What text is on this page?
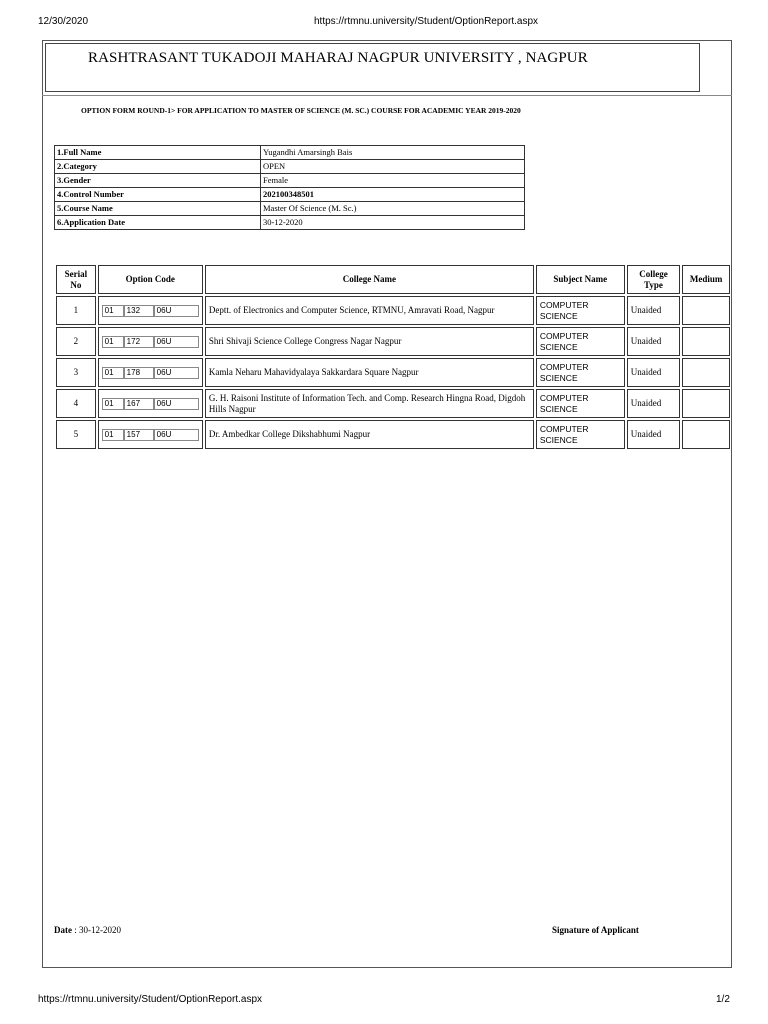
12/30/2020	https://rtmnu.university/Student/OptionReport.aspx
RASHTRASANT TUKADOJI MAHARAJ NAGPUR UNIVERSITY , NAGPUR
OPTION FORM ROUND-1> FOR APPLICATION TO MASTER OF SCIENCE (M. SC.) COURSE FOR ACADEMIC YEAR 2019-2020
1.Full Name	Yugandhi Amarsingh Bais
2.Category	OPEN
3.Gender	Female
4.Control Number	202100348501
5.Course Name	Master Of Science (M. Sc.)
6.Application Date	30-12-2020
Serial No	Option Code	College Name	Subject Name	College Type	Medium
1	01 132 06U	Deptt. of Electronics and Computer Science, RTMNU, Amravati Road, Nagpur	COMPUTER SCIENCE	Unaided	
2	01 172 06U	Shri Shivaji Science College Congress Nagar Nagpur	COMPUTER SCIENCE	Unaided	
3	01 178 06U	Kamla Neharu Mahavidyalaya Sakkardara Square Nagpur	COMPUTER SCIENCE	Unaided	
4	01 167 06U	G. H. Raisoni Institute of Information Tech. and Comp. Research Hingna Road, Digdoh Hills Nagpur	COMPUTER SCIENCE	Unaided	
5	01 157 06U	Dr. Ambedkar College Dikshabhumi Nagpur	COMPUTER SCIENCE	Unaided	
Date : 30-12-2020	Signature of Applicant
https://rtmnu.university/Student/OptionReport.aspx	1/2
